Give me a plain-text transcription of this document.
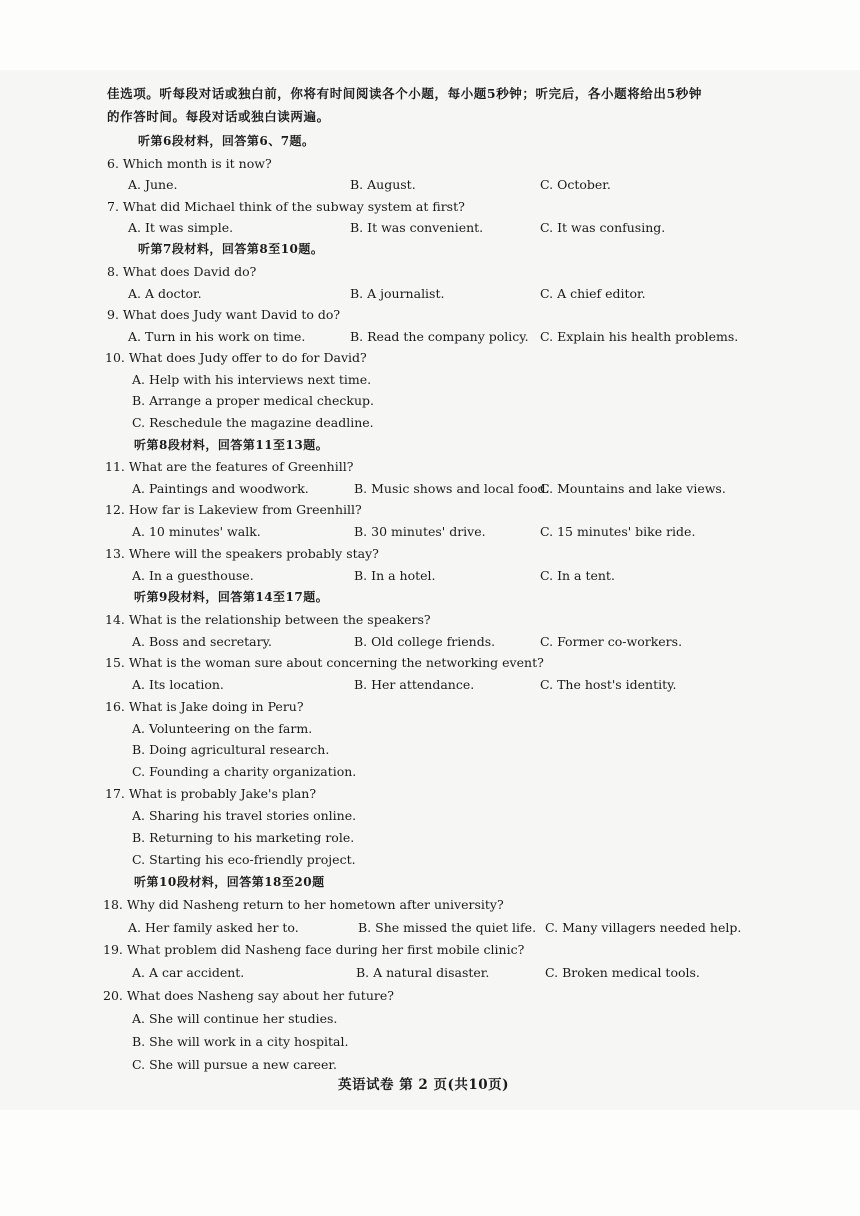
佳选项。听每段对话或独白前，你将有时间阅读各个小题，每小题5秒钟；听完后，各小题将给出5秒钟
的作答时间。每段对话或独白读两遍。
听第6段材料，回答第6、7题。
6. Which month is it now?
A. June.	B. August.	C. October.
7. What did Michael think of the subway system at first?
A. It was simple.	B. It was convenient.	C. It was confusing.
听第7段材料，回答第8至10题。
8. What does David do?
A. A doctor.	B. A journalist.	C. A chief editor.
9. What does Judy want David to do?
A. Turn in his work on time.	B. Read the company policy. C. Explain his health problems.
10. What does Judy offer to do for David?
A. Help with his interviews next time.
B. Arrange a proper medical checkup.
C. Reschedule the magazine deadline.
听第8段材料，回答第11至13题。
11. What are the features of Greenhill?
A. Paintings and woodwork.	B. Music shows and local food.
C. Mountains and lake views.
12. How far is Lakeview from Greenhill?
A. 10 minutes' walk.	B. 30 minutes' drive.	C. 15 minutes' bike ride.
13. Where will the speakers probably stay?
A. In a guesthouse.	B. In a hotel.	C. In a tent.
听第9段材料，回答第14至17题。
14. What is the relationship between the speakers?
A. Boss and secretary.	B. Old college friends.	C. Former co-workers.
15. What is the woman sure about concerning the networking event?
A. Its location.	B. Her attendance.	C. The host's identity.
16. What is Jake doing in Peru?
A. Volunteering on the farm.
B. Doing agricultural research.
C. Founding a charity organization.
17. What is probably Jake's plan?
A. Sharing his travel stories online.
B. Returning to his marketing role.
C. Starting his eco-friendly project.
听第10段材料，回答第18至20题
18. Why did Nasheng return to her hometown after university?
A. Her family asked her to.	B. She missed the quiet life. C. Many villagers needed help.
19. What problem did Nasheng face during her first mobile clinic?
A. A car accident.	B. A natural disaster.	C. Broken medical tools.
20. What does Nasheng say about her future?
A. She will continue her studies.
B. She will work in a city hospital.
C. She will pursue a new career.
英语试卷 第 2 页(共10页)
